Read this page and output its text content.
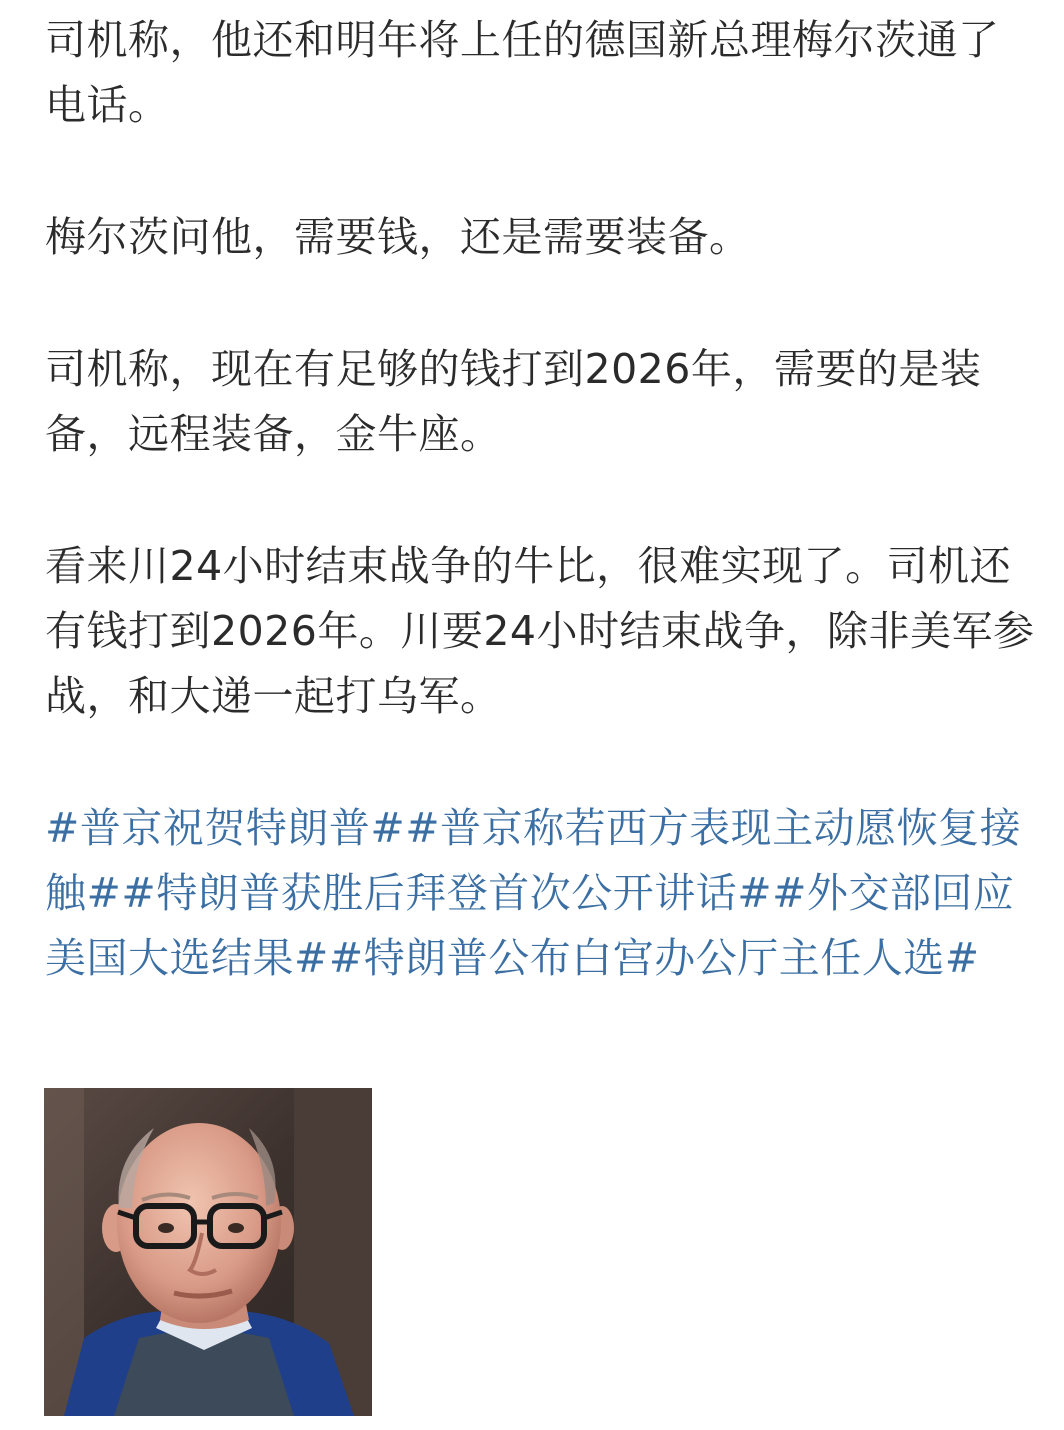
司机称，他还和明年将上任的德国新总理梅尔茨通了电话。

梅尔茨问他，需要钱，还是需要装备。

司机称，现在有足够的钱打到2026年，需要的是装备，远程装备，金牛座。

看来川24小时结束战争的牛比，很难实现了。司机还有钱打到2026年。川要24小时结束战争，除非美军参战，和大递一起打乌军。

#普京祝贺特朗普##普京称若西方表现主动愿恢复接触##特朗普获胜后拜登首次公开讲话##外交部回应美国大选结果##特朗普公布白宫办公厅主任人选#
